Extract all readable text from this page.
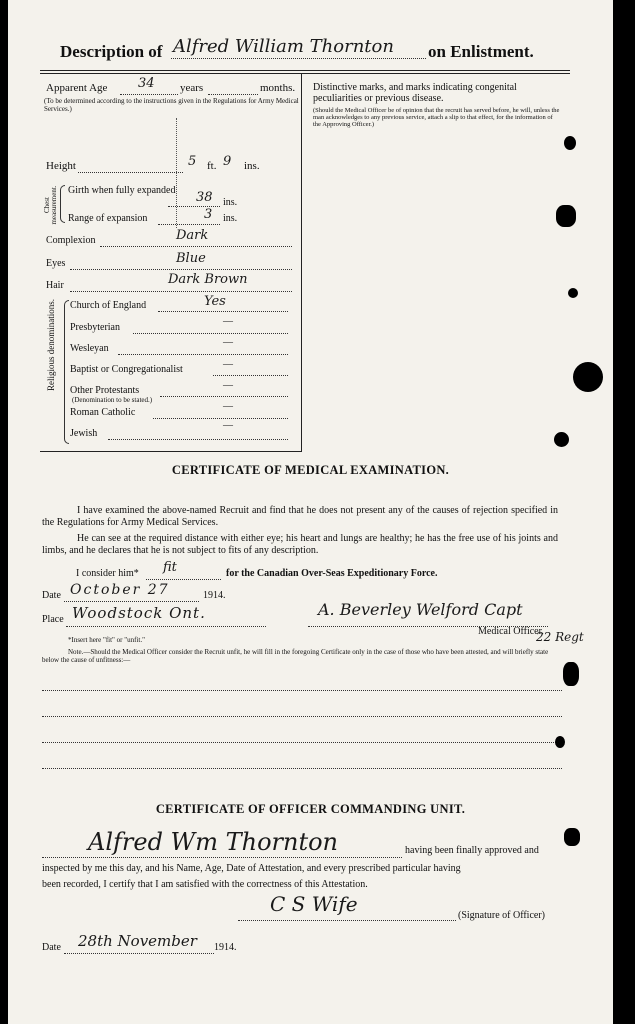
Description of Alfred William Thornton on Enlistment.
Apparent Age 34 years	months.
(To be determined according to the instructions given in the Regulations for Army Medical Services.)
Height	5 ft. 9 ins.
Chest measurement. Girth when fully expanded 38 ins.
Range of expansion	3 ins.
Complexion	Dark
Eyes	Blue
Hair	Dark Brown
Religious denominations. Church of England	Yes
Presbyterian
—
Wesleyan
—
Baptist or Congregationalist	—
Other Protestants	—
(Denomination to be stated.)
Roman Catholic
—
Jewish
—
Distinctive marks, and marks indicating congenital peculiarities or previous disease.
(Should the Medical Officer be of opinion that the recruit has served before, he will, unless the man acknowledges to any previous service, attach a slip to that effect, for the information of the Approving Officer.)
CERTIFICATE OF MEDICAL EXAMINATION.
I have examined the above-named Recruit and find that he does not present any of the causes of rejection specified in the Regulations for Army Medical Services.
He can see at the required distance with either eye; his heart and lungs are healthy; he has the free use of his joints and limbs, and he declares that he is not subject to fits of any description.
I consider him* fit	for the Canadian Over-Seas Expeditionary Force.
Date October 27	1914.
Place Woodstock Ont.	A. Beverley Welford Capt
Medical Officer.
22 Regt
*Insert here "fit" or "unfit."
Note.—Should the Medical Officer consider the Recruit unfit, he will fill in the foregoing Certificate only in the case of those who have been attested, and will briefly state below the cause of unfitness:—
CERTIFICATE OF OFFICER COMMANDING UNIT.
Alfred Wm Thornton	having been finally approved and
inspected by me this day, and his Name, Age, Date of Attestation, and every prescribed particular having
been recorded, I certify that I am satisfied with the correctness of this Attestation.
C S Wife	(Signature of Officer)
Date 28th November 1914.
